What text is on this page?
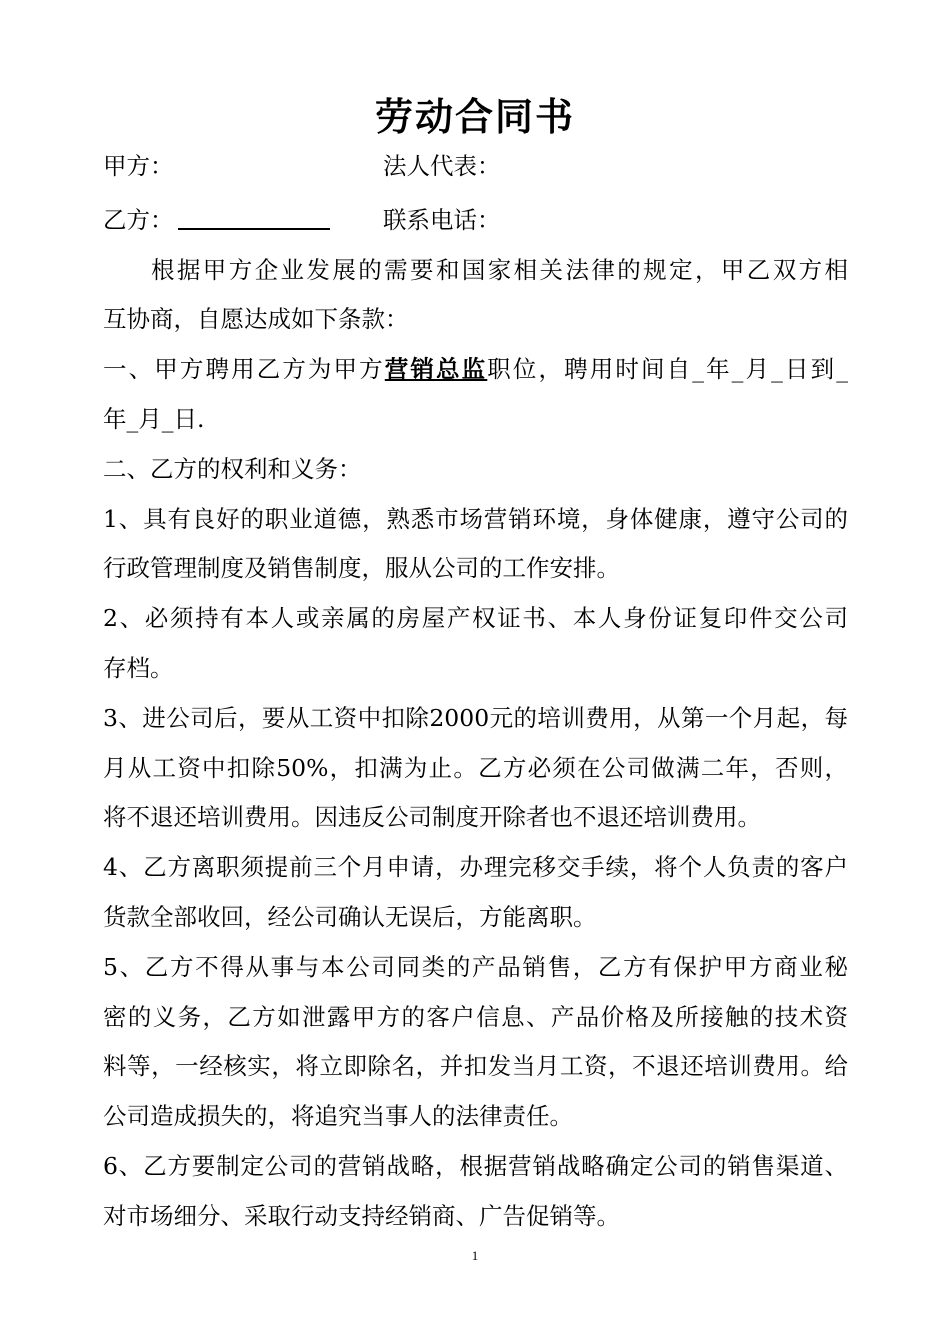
劳动合同书
甲方：	法人代表：
乙方：	联系电话：
根据甲方企业发展的需要和国家相关法律的规定，甲乙双方相
互协商，自愿达成如下条款：
一、甲方聘用乙方为甲方营销总监职位，聘用时间自_年_月_日到_
年_月_日.
二、乙方的权利和义务：
1、具有良好的职业道德，熟悉市场营销环境，身体健康，遵守公司的
行政管理制度及销售制度，服从公司的工作安排。
2、必须持有本人或亲属的房屋产权证书、本人身份证复印件交公司
存档。
3、进公司后，要从工资中扣除2000元的培训费用，从第一个月起，每
月从工资中扣除50%，扣满为止。乙方必须在公司做满二年，否则，
将不退还培训费用。因违反公司制度开除者也不退还培训费用。
4、乙方离职须提前三个月申请，办理完移交手续，将个人负责的客户
货款全部收回，经公司确认无误后，方能离职。
5、乙方不得从事与本公司同类的产品销售，乙方有保护甲方商业秘
密的义务，乙方如泄露甲方的客户信息、产品价格及所接触的技术资
料等，一经核实，将立即除名，并扣发当月工资，不退还培训费用。给
公司造成损失的，将追究当事人的法律责任。
6、乙方要制定公司的营销战略，根据营销战略确定公司的销售渠道、
对市场细分、采取行动支持经销商、广告促销等。
1
